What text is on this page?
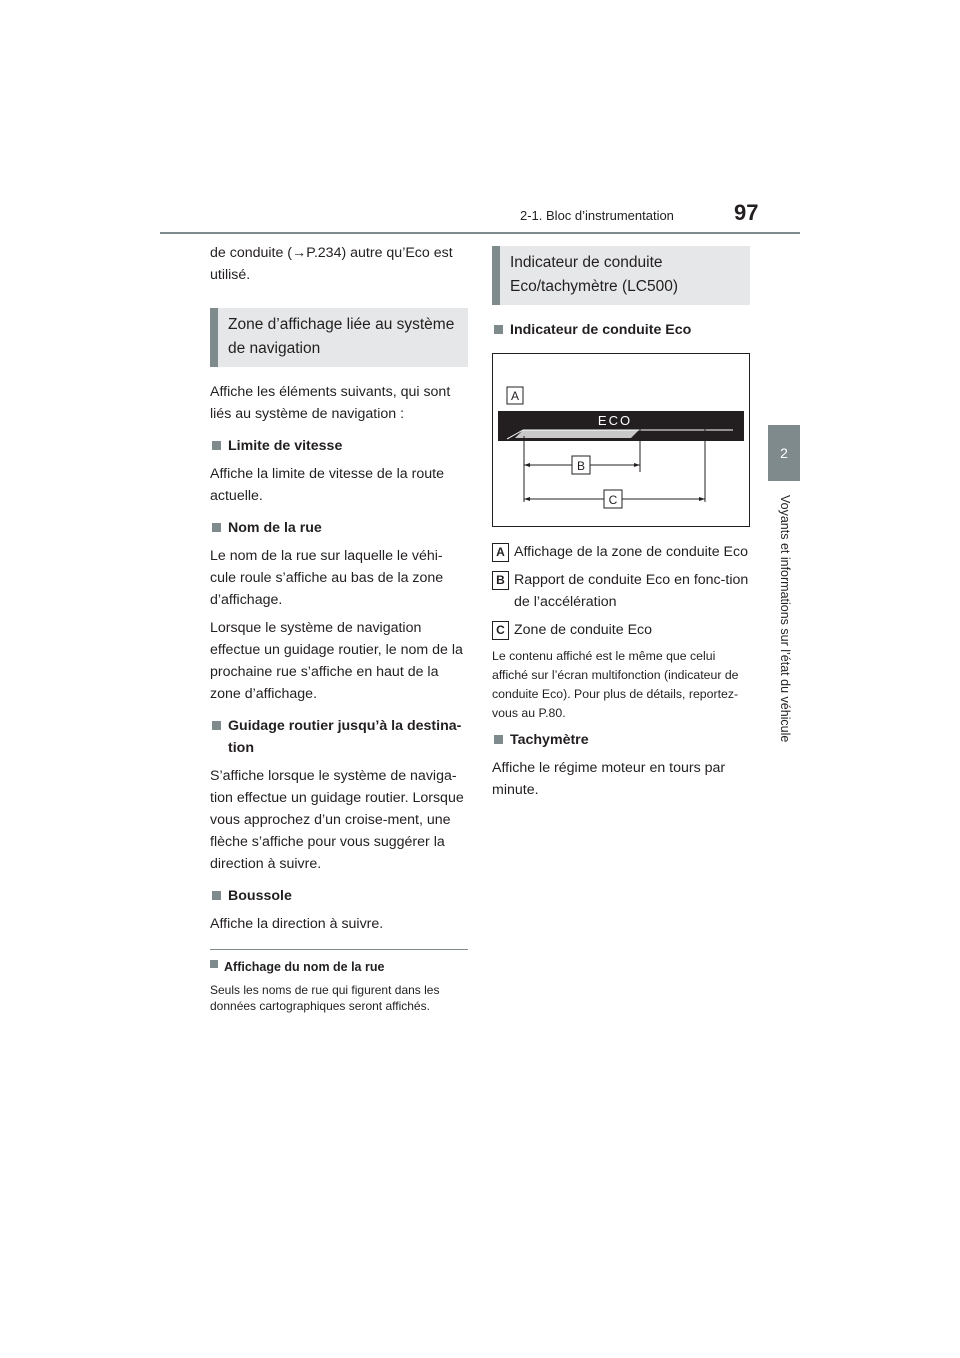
2-1. Bloc d’instrumentation	97
2
Voyants et informations sur l’état du véhicule

de conduite (→P.234) autre qu’Eco est utilisé.

Zone d’affichage liée au système de navigation

Affiche les éléments suivants, qui sont liés au système de navigation :

Limite de vitesse

Affiche la limite de vitesse de la route actuelle.

Nom de la rue

Le nom de la rue sur laquelle le véhi-cule roule s’affiche au bas de la zone d’affichage.

Lorsque le système de navigation effectue un guidage routier, le nom de la prochaine rue s’affiche en haut de la zone d’affichage.

Guidage routier jusqu’à la destina-tion

S’affiche lorsque le système de naviga-tion effectue un guidage routier. Lorsque vous approchez d’un croise-ment, une flèche s’affiche pour vous suggérer la direction à suivre.

Boussole

Affiche la direction à suivre.

Affichage du nom de la rue
Seuls les noms de rue qui figurent dans les données cartographiques seront affichés.
Indicateur de conduite Eco/tachymètre (LC500)
Indicateur de conduite Eco
A
ECO
B
C
A Affichage de la zone de conduite Eco
B Rapport de conduite Eco en fonc-tion de l’accélération
C Zone de conduite Eco

Le contenu affiché est le même que celui affiché sur l’écran multifonction (indicateur de conduite Eco). Pour plus de détails, reportez-vous au P.80.

Tachymètre

Affiche le régime moteur en tours par minute.
